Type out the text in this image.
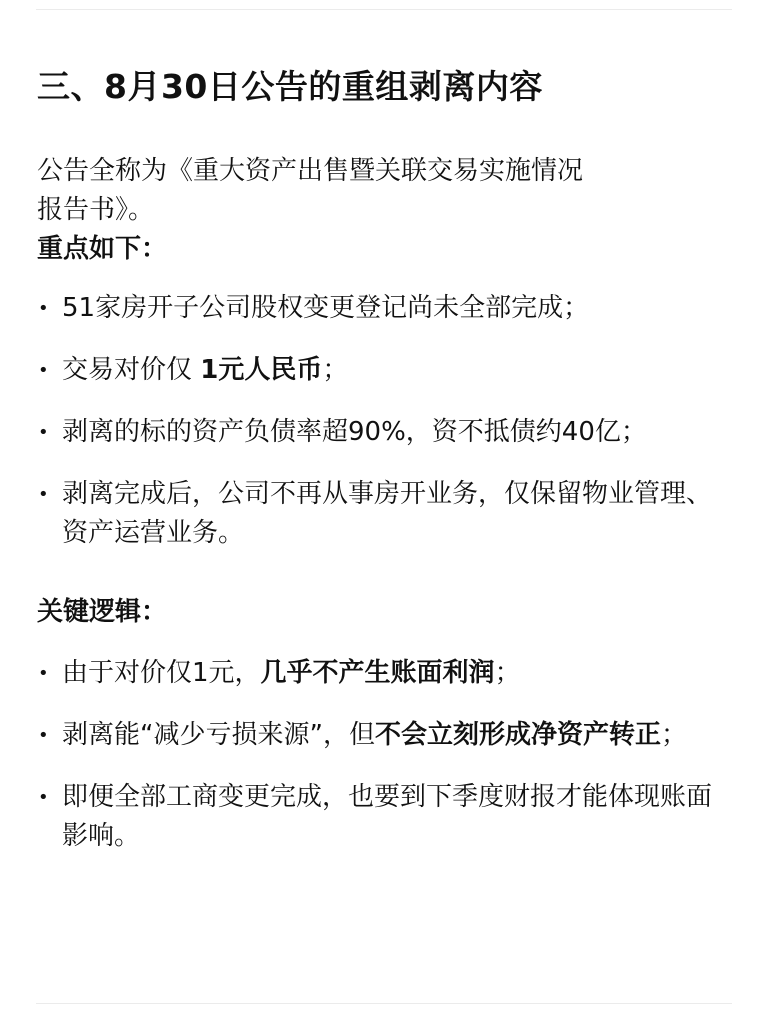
三、8月30日公告的重组剥离内容
公告全称为《重大资产出售暨关联交易实施情况
报告书》。
重点如下：
• 51家房开子公司股权变更登记尚未全部完成；
• 交易对价仅 1元人民币；
• 剥离的标的资产负债率超90%，资不抵债约40亿；
• 剥离完成后，公司不再从事房开业务，仅保留物业管理、资产运营业务。
关键逻辑：
• 由于对价仅1元，几乎不产生账面利润；
• 剥离能“减少亏损来源”，但不会立刻形成净资产转正；
• 即便全部工商变更完成，也要到下季度财报才能体现账面影响。
